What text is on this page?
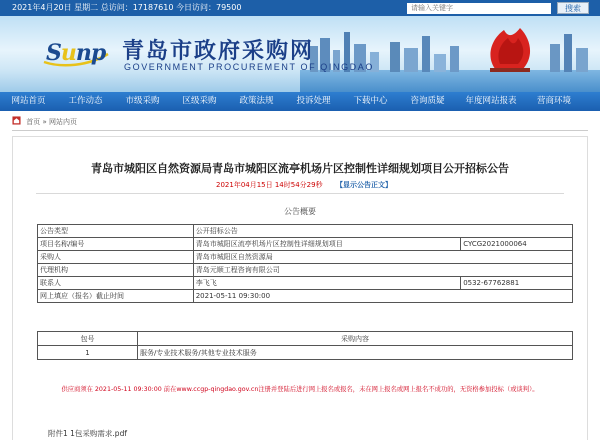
2021年4月20日 星期二 总访问：17187610 今日访问：79500
请输入关键字	搜索
Sunp 青岛市政府采购网
GOVERNMENT PROCUREMENT OF QINGDAO
网站首页	工作动态	市级采购	区级采购	政策法规	投诉处理	下载中心	咨询质疑	年度网站报表	营商环境
首页 » 网站内页
青岛市城阳区自然资源局青岛市城阳区流亭机场片区控制性详细规划项目公开招标公告
2021年04月15日 14时54分29秒 【显示公告正文】
公告概要
公告类型	公开招标公告	
项目名称/编号	青岛市城阳区流亭机场片区控制性详细规划项目	CYCG2021000064
采购人	青岛市城阳区自然资源局	
代理机构	青岛元顺工程咨询有限公司	
联系人	李飞飞	0532-67762881
网上填应（报名）截止时间	2021-05-11 09:30:00	
包号	采购内容
1	服务/专业技术服务/其他专业技术服务
供应商须在 2021-05-11 09:30:00 前在www.ccgp-qingdao.gov.cn注册并登陆后进行网上报名或报名，未在网上报名或网上报名不成功的，无资格参加投标（或谈判）。
附件1 1包采购需求.pdf
